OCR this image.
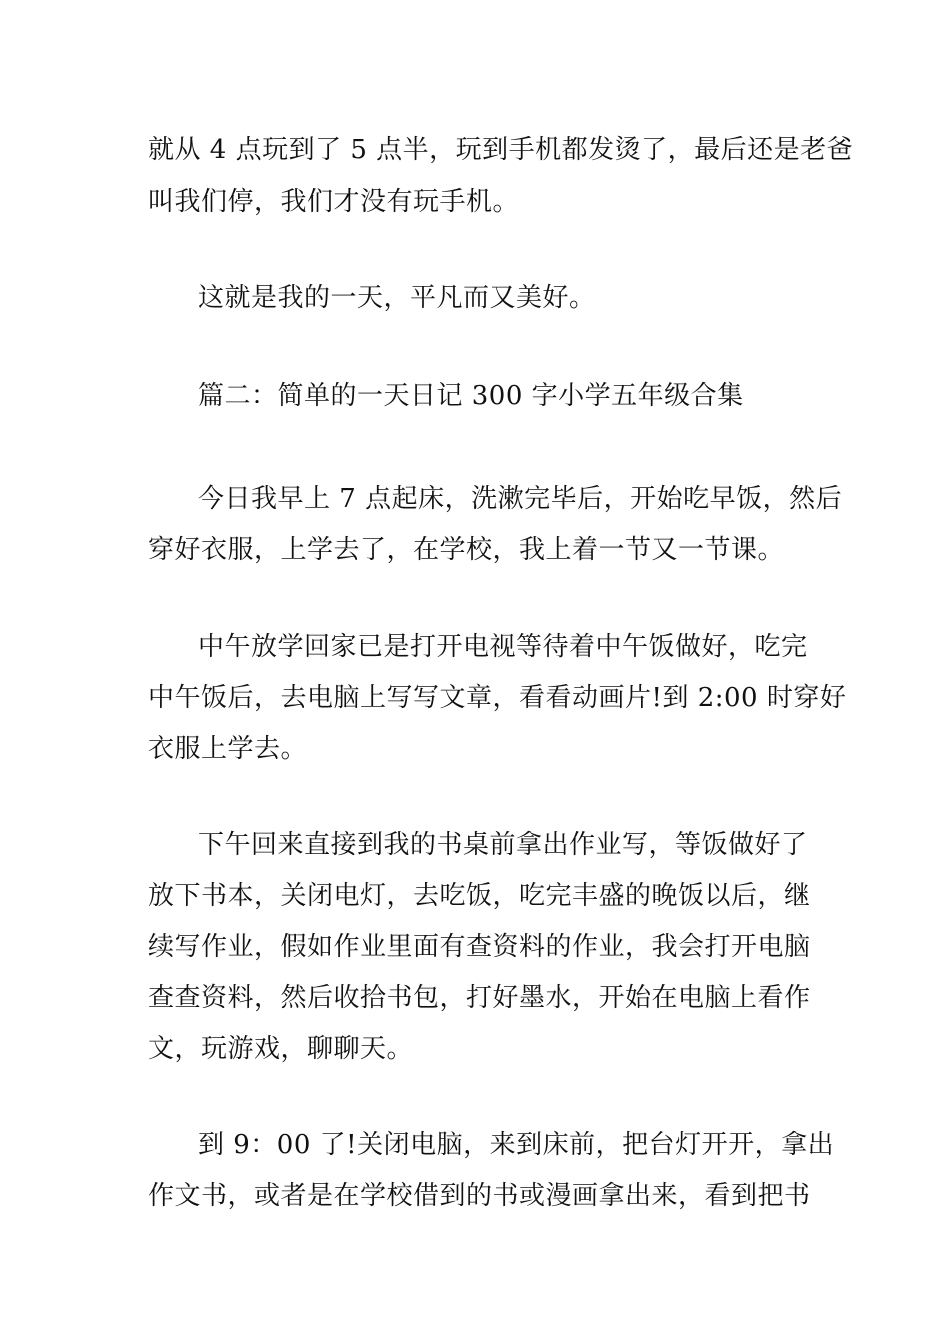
就从 4 点玩到了 5 点半，玩到手机都发烫了，最后还是老爸
叫我们停，我们才没有玩手机。
这就是我的一天，平凡而又美好。
篇二：简单的一天日记 300 字小学五年级合集
今日我早上 7 点起床，洗漱完毕后，开始吃早饭，然后
穿好衣服，上学去了，在学校，我上着一节又一节课。
中午放学回家已是打开电视等待着中午饭做好，吃完
中午饭后，去电脑上写写文章，看看动画片!到 2:00 时穿好
衣服上学去。
下午回来直接到我的书桌前拿出作业写，等饭做好了
放下书本，关闭电灯，去吃饭，吃完丰盛的晚饭以后，继
续写作业，假如作业里面有查资料的作业，我会打开电脑
查查资料，然后收拾书包，打好墨水，开始在电脑上看作
文，玩游戏，聊聊天。
到 9：00 了!关闭电脑，来到床前，把台灯开开，拿出
作文书，或者是在学校借到的书或漫画拿出来，看到把书
